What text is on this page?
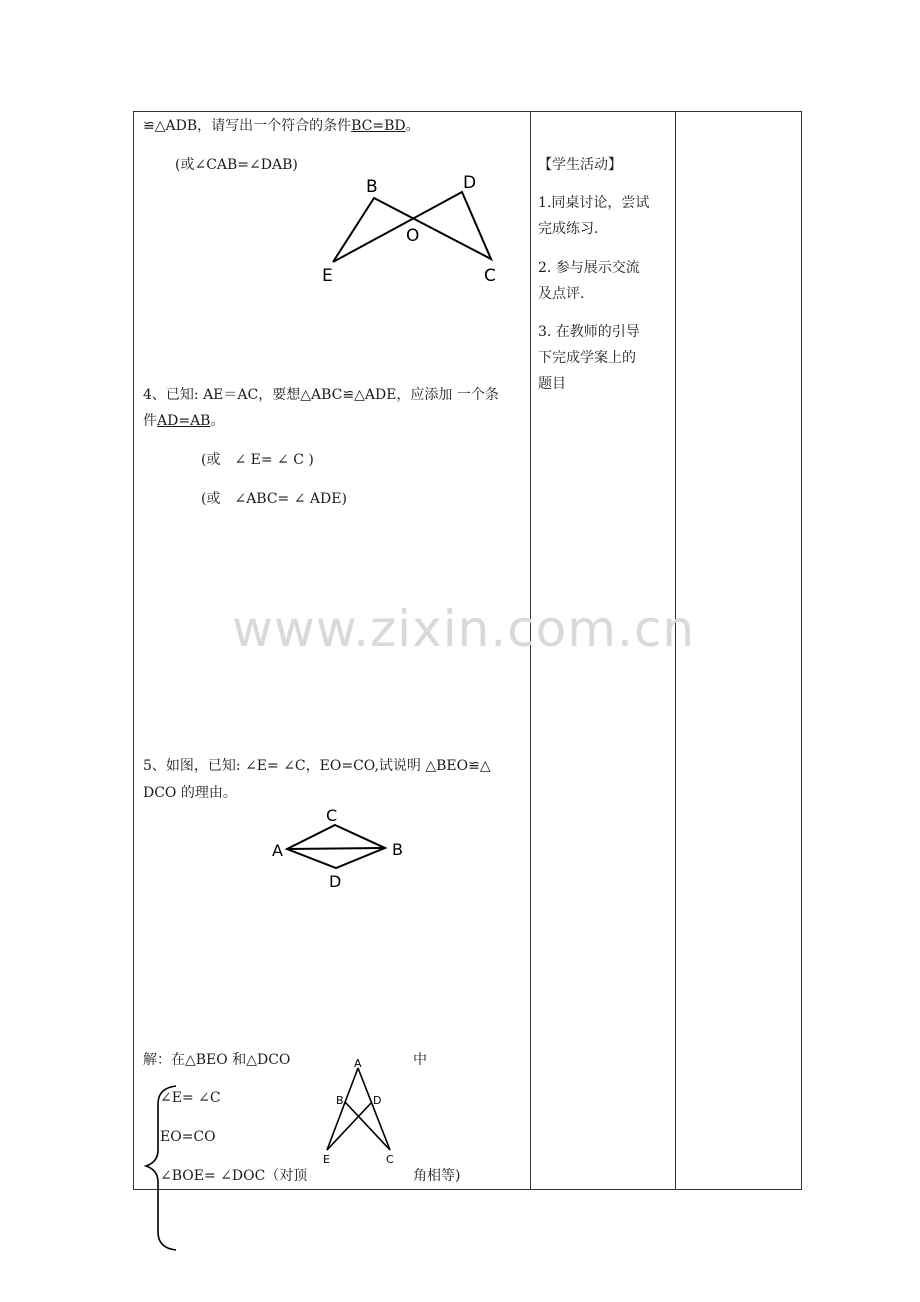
www.zixin.com.cn
≌△ADB，请写出一个符合的条件BC=BD。
(或∠CAB=∠DAB)
B	D
O
E	C
4、已知: AE＝AC，要想△ABC≌△ADE，应添加 一个条
件AD=AB。
(或　∠ E= ∠ C )
(或　∠ABC= ∠ ADE)
5、如图，已知: ∠E= ∠C，EO=CO,试说明 △BEO≌△
DCO 的理由。
A
C
B
D
解：在△BEO 和△DCO	中
∠E= ∠C
EO=CO
∠BOE= ∠DOC（对顶	角相等)
A
B	D
E	C
【学生活动】
1.同桌讨论，尝试
完成练习.
2. 参与展示交流
及点评.
3. 在教师的引导
下完成学案上的
题目
